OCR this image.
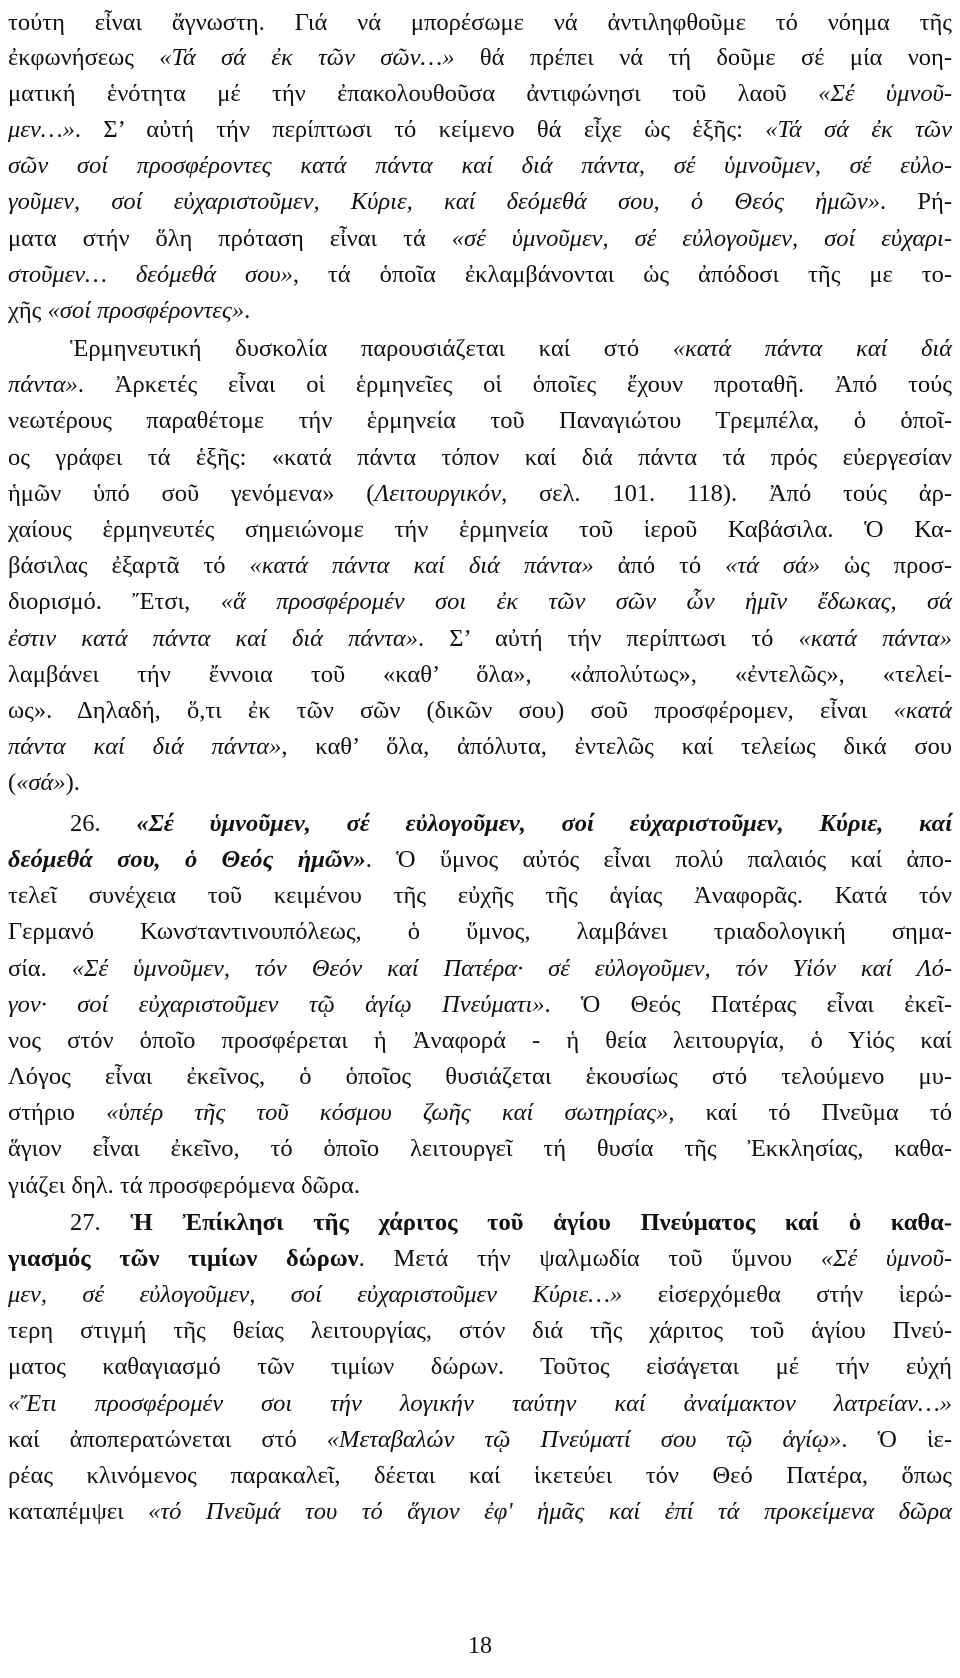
τούτη εἶναι ἄγνωστη. Γιά νά μπορέσωμε νά ἀντιληφθοῦμε τό νόημα τῆς
ἐκφωνήσεως «Τά σά ἐκ τῶν σῶν…» θά πρέπει νά τή δοῦμε σέ μία νοη-
ματική ἑνότητα μέ τήν ἐπακολουθοῦσα ἀντιφώνησι τοῦ λαοῦ «Σέ ὑμνοῦ-
μεν…». Σ’ αὐτή τήν περίπτωσι τό κείμενο θά εἶχε ὡς ἑξῆς: «Τά σά ἐκ τῶν
σῶν σοί προσφέροντες κατά πάντα καί διά πάντα, σέ ὑμνοῦμεν, σέ εὐλο-
γοῦμεν, σοί εὐχαριστοῦμεν, Κύριε, καί δεόμεθά σου, ὁ Θεός ἡμῶν». Ρή-
ματα στήν ὅλη πρόταση εἶναι τά «σέ ὑμνοῦμεν, σέ εὐλογοῦμεν, σοί εὐχαρι-
στοῦμεν… δεόμεθά σου», τά ὁποῖα ἐκλαμβάνονται ὡς ἀπόδοσι τῆς με το-
χῆς «σοί προσφέροντες».
Ἑρμηνευτική δυσκολία παρουσιάζεται καί στό «κατά πάντα καί διά
πάντα». Ἀρκετές εἶναι οἱ ἑρμηνεῖες οἱ ὁποῖες ἔχουν προταθῆ. Ἀπό τούς
νεωτέρους παραθέτομε τήν ἑρμηνεία τοῦ Παναγιώτου Τρεμπέλα, ὁ ὁποῖ-
ος γράφει τά ἑξῆς: «κατά πάντα τόπον καί διά πάντα τά πρός εὐεργεσίαν
ἡμῶν ὑπό σοῦ γενόμενα» (Λειτουργικόν, σελ. 101. 118). Ἀπό τούς ἀρ-
χαίους ἑρμηνευτές σημειώνομε τήν ἑρμηνεία τοῦ ἱεροῦ Καβάσιλα. Ὁ Κα-
βάσιλας ἐξαρτᾶ τό «κατά πάντα καί διά πάντα» ἀπό τό «τά σά» ὡς προσ-
διορισμό. Ἔτσι, «ἅ προσφέρομέν σοι ἐκ τῶν σῶν ὧν ἡμῖν ἔδωκας, σά
ἐστιν κατά πάντα καί διά πάντα». Σ’ αὐτή τήν περίπτωσι τό «κατά πάντα»
λαμβάνει τήν ἔννοια τοῦ «καθ’ ὅλα», «ἀπολύτως», «ἐντελῶς», «τελεί-
ως». Δηλαδή, ὅ,τι ἐκ τῶν σῶν (δικῶν σου) σοῦ προσφέρομεν, εἶναι «κατά
πάντα καί διά πάντα», καθ’ ὅλα, ἀπόλυτα, ἐντελῶς καί τελείως δικά σου
(«σά»).
26. «Σέ ὑμνοῦμεν, σέ εὐλογοῦμεν, σοί εὐχαριστοῦμεν, Κύριε, καί
δεόμεθά σου, ὁ Θεός ἡμῶν». Ὁ ὕμνος αὐτός εἶναι πολύ παλαιός καί ἀπο-
τελεῖ συνέχεια τοῦ κειμένου τῆς εὐχῆς τῆς ἁγίας Ἀναφορᾶς. Κατά τόν
Γερμανό Κωνσταντινουπόλεως, ὁ ὕμνος, λαμβάνει τριαδολογική σημα-
σία. «Σέ ὑμνοῦμεν, τόν Θεόν καί Πατέρα· σέ εὐλογοῦμεν, τόν Υἱόν καί Λό-
γον· σοί εὐχαριστοῦμεν τῷ ἁγίῳ Πνεύματι». Ὁ Θεός Πατέρας εἶναι ἐκεῖ-
νος στόν ὁποῖο προσφέρεται ἡ Ἀναφορά - ἡ θεία λειτουργία, ὁ Υἱός καί
Λόγος εἶναι ἐκεῖνος, ὁ ὁποῖος θυσιάζεται ἑκουσίως στό τελούμενο μυ-
στήριο «ὑπέρ τῆς τοῦ κόσμου ζωῆς καί σωτηρίας», καί τό Πνεῦμα τό
ἅγιον εἶναι ἐκεῖνο, τό ὁποῖο λειτουργεῖ τή θυσία τῆς Ἐκκλησίας, καθα-
γιάζει δηλ. τά προσφερόμενα δῶρα.
27. Ἡ Ἐπίκλησι τῆς χάριτος τοῦ ἁγίου Πνεύματος καί ὁ καθα-
γιασμός τῶν τιμίων δώρων. Μετά τήν ψαλμωδία τοῦ ὕμνου «Σέ ὑμνοῦ-
μεν, σέ εὐλογοῦμεν, σοί εὐχαριστοῦμεν Κύριε…» εἰσερχόμεθα στήν ἱερώ-
τερη στιγμή τῆς θείας λειτουργίας, στόν διά τῆς χάριτος τοῦ ἁγίου Πνεύ-
ματος καθαγιασμό τῶν τιμίων δώρων. Τοῦτος εἰσάγεται μέ τήν εὐχή
«Ἔτι προσφέρομέν σοι τήν λογικήν ταύτην καί ἀναίμακτον λατρείαν…»
καί ἀποπερατώνεται στό «Μεταβαλών τῷ Πνεύματί σου τῷ ἁγίῳ». Ὁ ἱε-
ρέας κλινόμενος παρακαλεῖ, δέεται καί ἱκετεύει τόν Θεό Πατέρα, ὅπως
καταπέμψει «τό Πνεῦμά του τό ἅγιον ἐφ' ἡμᾶς καί ἐπί τά προκείμενα δῶρα
18
